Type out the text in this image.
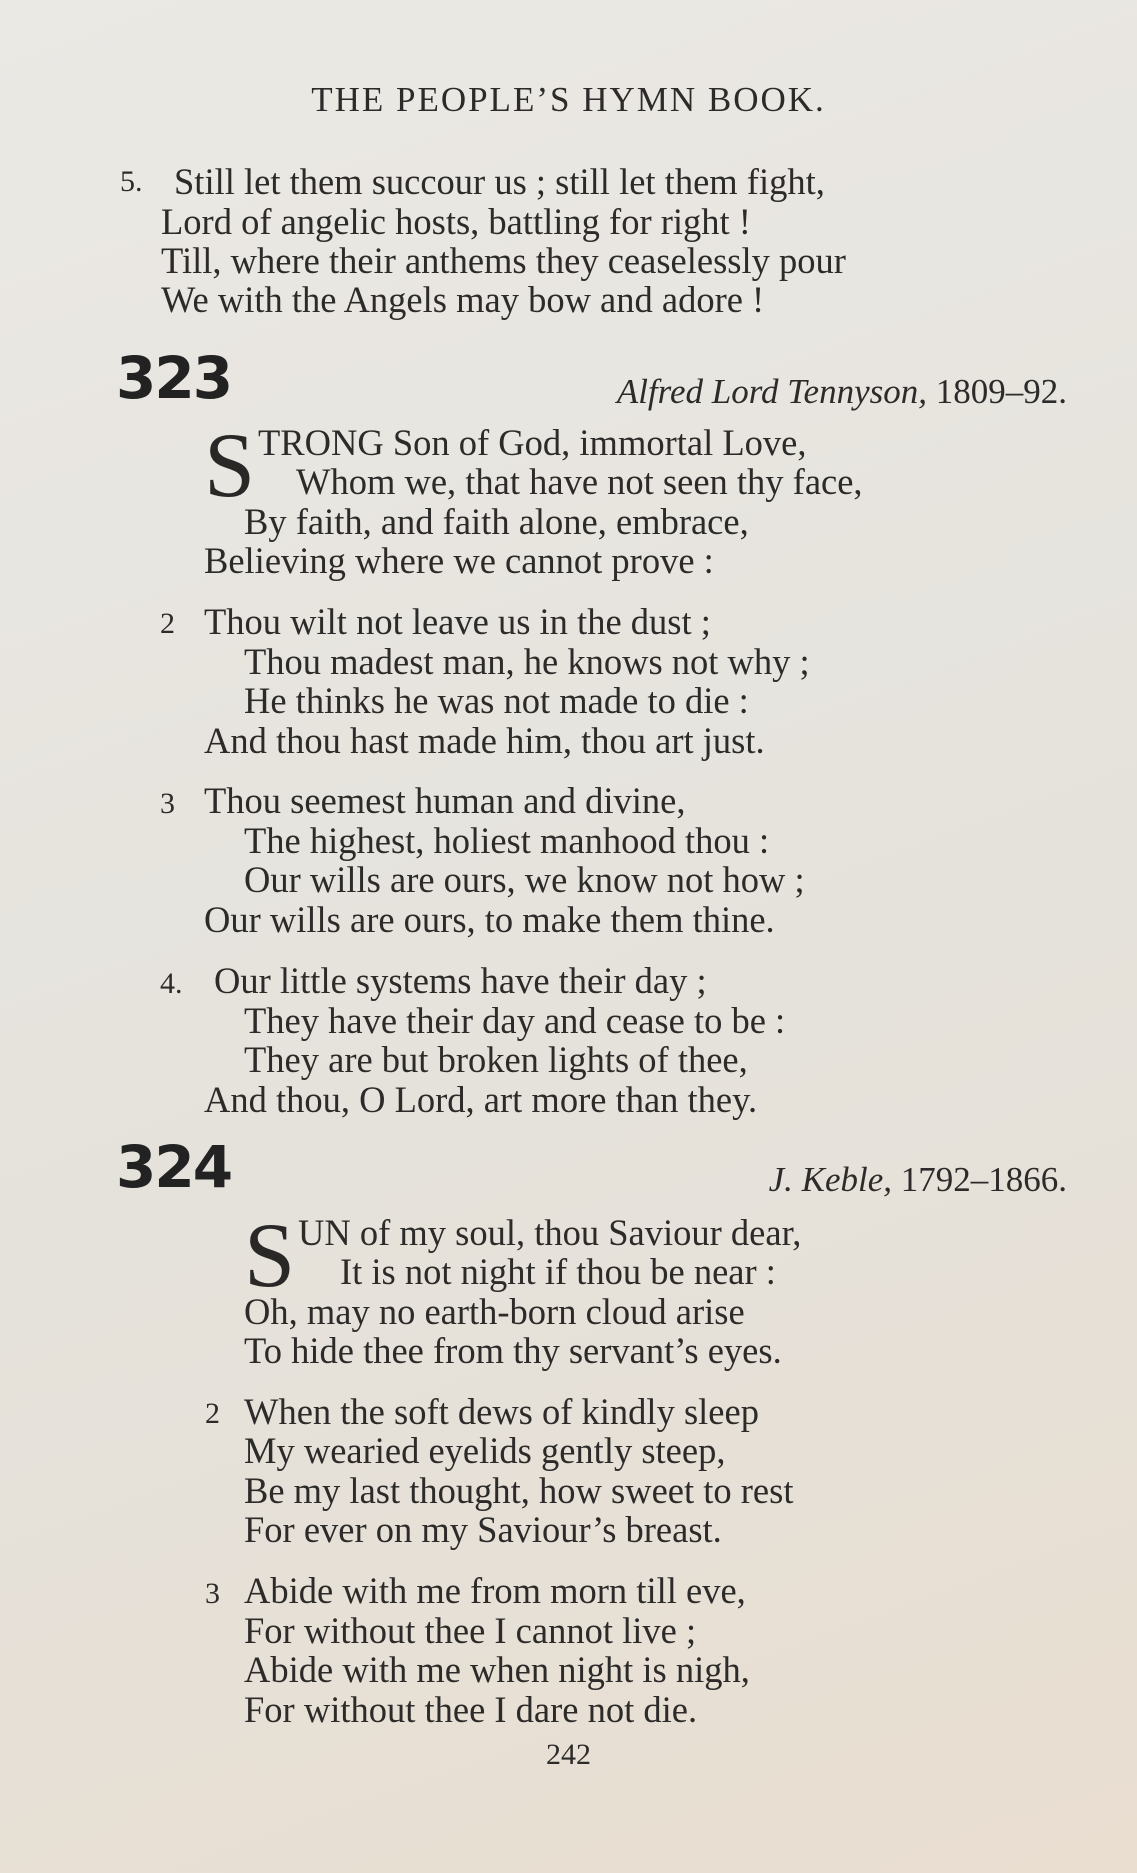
THE PEOPLE’S HYMN BOOK.
5. Still let them succour us ; still let them fight,
Lord of angelic hosts, battling for right !
Till, where their anthems they ceaselessly pour
We with the Angels may bow and adore !
323	Alfred Lord Tennyson, 1809–92.
S TRONG Son of God, immortal Love,
Whom we, that have not seen thy face,
By faith, and faith alone, embrace,
Believing where we cannot prove :
2 Thou wilt not leave us in the dust ;
Thou madest man, he knows not why ;
He thinks he was not made to die :
And thou hast made him, thou art just.
3 Thou seemest human and divine,
The highest, holiest manhood thou :
Our wills are ours, we know not how ;
Our wills are ours, to make them thine.
4. Our little systems have their day ;
They have their day and cease to be :
They are but broken lights of thee,
And thou, O Lord, art more than they.
324	J. Keble, 1792–1866.
S UN of my soul, thou Saviour dear,
It is not night if thou be near :
Oh, may no earth-born cloud arise
To hide thee from thy servant’s eyes.
2 When the soft dews of kindly sleep
My wearied eyelids gently steep,
Be my last thought, how sweet to rest
For ever on my Saviour’s breast.
3 Abide with me from morn till eve,
For without thee I cannot live ;
Abide with me when night is nigh,
For without thee I dare not die.
242
